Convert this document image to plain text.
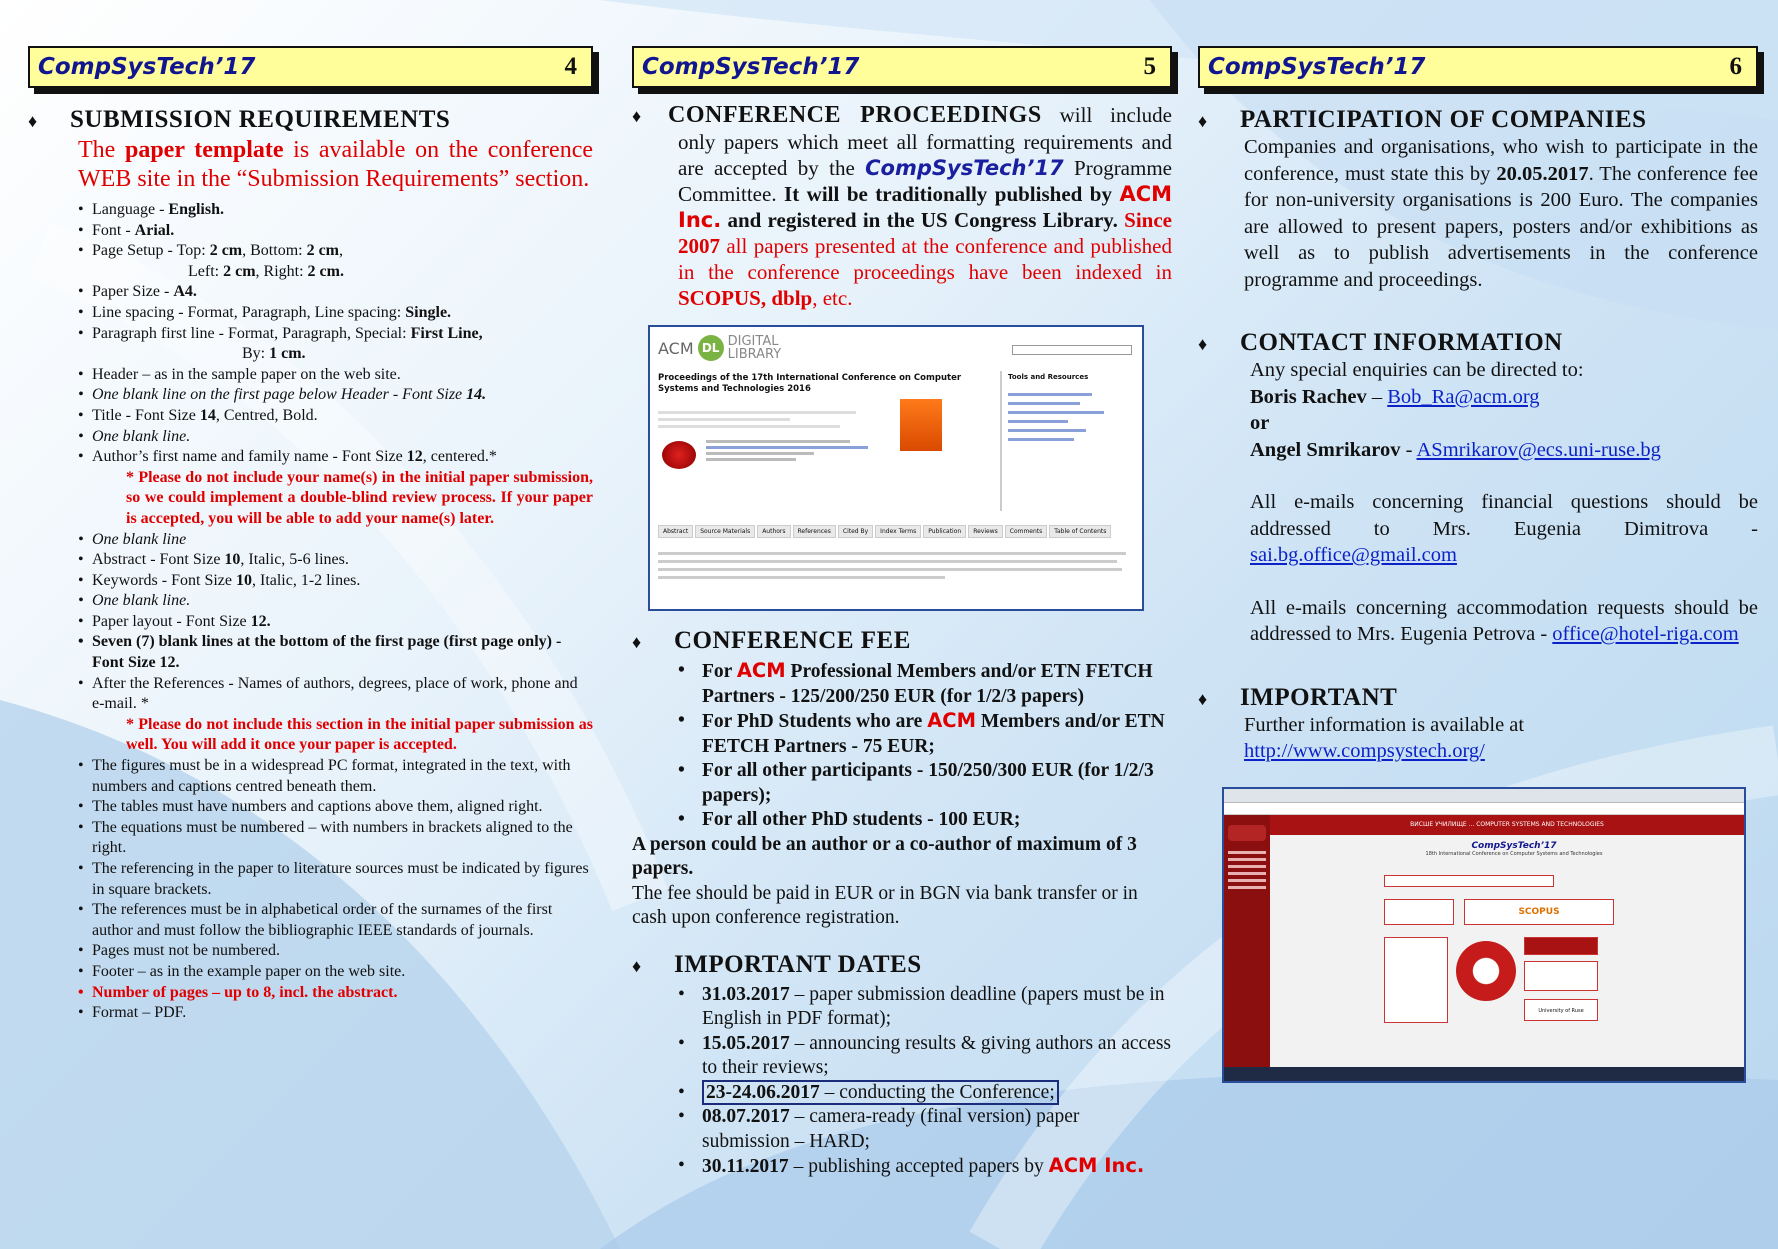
CompSysTech’17	4
♦	SUBMISSION REQUIREMENTS

The paper template is available on the conference WEB site in the “Submission Requirements” section.

• Language - English.
• Font - Arial.
• Page Setup - Top: 2 cm, Bottom: 2 cm,
Left: 2 cm, Right: 2 cm.
• Paper Size - A4.
• Line spacing - Format, Paragraph, Line spacing: Single.
• Paragraph first line - Format, Paragraph, Special: First Line,
By: 1 cm.
• Header – as in the sample paper on the web site.
• One blank line on the first page below Header - Font Size 14.
• Title - Font Size 14, Centred, Bold.
• One blank line.
• Author’s first name and family name - Font Size 12, centered.*
* Please do not include your name(s) in the initial paper submission, so we could implement a double-blind review process. If your paper is accepted, you will be able to add your name(s) later.
• One blank line
• Abstract - Font Size 10, Italic, 5-6 lines.
• Keywords - Font Size 10, Italic, 1-2 lines.
• One blank line.
• Paper layout - Font Size 12.
• Seven (7) blank lines at the bottom of the first page (first page only) - Font Size 12.
• After the References - Names of authors, degrees, place of work, phone and e-mail. *
* Please do not include this section in the initial paper submission as well. You will add it once your paper is accepted.
• The figures must be in a widespread PC format, integrated in the text, with numbers and captions centred beneath them.
• The tables must have numbers and captions above them, aligned right.
• The equations must be numbered – with numbers in brackets aligned to the right.
• The referencing in the paper to literature sources must be indicated by figures in square brackets.
• The references must be in alphabetical order of the surnames of the first author and must follow the bibliographic IEEE standards of journals.
• Pages must not be numbered.
• Footer – as in the example paper on the web site.
• Number of pages – up to 8, incl. the abstract.
• Format – PDF.
CompSysTech’17	5
♦ CONFERENCE PROCEEDINGS will include only papers which meet all formatting requirements and are accepted by the CompSysTech’17 Programme Committee. It will be traditionally published by ACM Inc. and registered in the US Congress Library. Since 2007 all papers presented at the conference and published in the conference proceedings have been indexed in SCOPUS, dblp, etc.
ACM DL DIGITAL
LIBRARY
Proceedings of the 17th International Conference on Computer Systems and Technologies 2016
Tools and Resources
Abstract	Source Materials	Authors	References	Cited By	Index Terms	Publication	Reviews	Comments	Table of Contents
♦	CONFERENCE FEE
• For ACM Professional Members and/or ETN FETCH Partners - 125/200/250 EUR (for 1/2/3 papers)
• For PhD Students who are ACM Members and/or ETN FETCH Partners - 75 EUR;
• For all other participants - 150/250/300 EUR (for 1/2/3 papers);
• For all other PhD students - 100 EUR;

A person could be an author or a co-author of maximum of 3 papers.

The fee should be paid in EUR or in BGN via bank transfer or in cash upon conference registration.

♦	IMPORTANT DATES
• 31.03.2017 – paper submission deadline (papers must be in English in PDF format);
• 15.05.2017 – announcing results & giving authors an access to their reviews;
• 23-24.06.2017 – conducting the Conference;
• 08.07.2017 – camera-ready (final version) paper submission – HARD;
• 30.11.2017 – publishing accepted papers by ACM Inc.
CompSysTech’17	6
♦	PARTICIPATION OF COMPANIES

Companies and organisations, who wish to participate in the conference, must state this by 20.05.2017. The conference fee for non-university organisations is 200 Euro. The companies are allowed to present papers, posters and/or exhibitions as well as to publish advertisements in the conference programme and proceedings.

♦	CONTACT INFORMATION

Any special enquiries can be directed to:

Boris Rachev – Bob_Ra@acm.org

or

Angel Smrikarov - ASmrikarov@ecs.uni-ruse.bg

All e-mails concerning financial questions should be addressed to Mrs. Eugenia Dimitrova - sai.bg.office@gmail.com

All e-mails concerning accommodation requests should be addressed to Mrs. Eugenia Petrova - office@hotel-riga.com

♦	IMPORTANT

Further information is available at

http://www.compsystech.org/

ВИСШЕ УЧИЛИЩЕ ... COMPUTER SYSTEMS AND TECHNOLOGIES
CompSysTech’17
18th International Conference on Computer Systems and Technologies
SCOPUS
University of Ruse
